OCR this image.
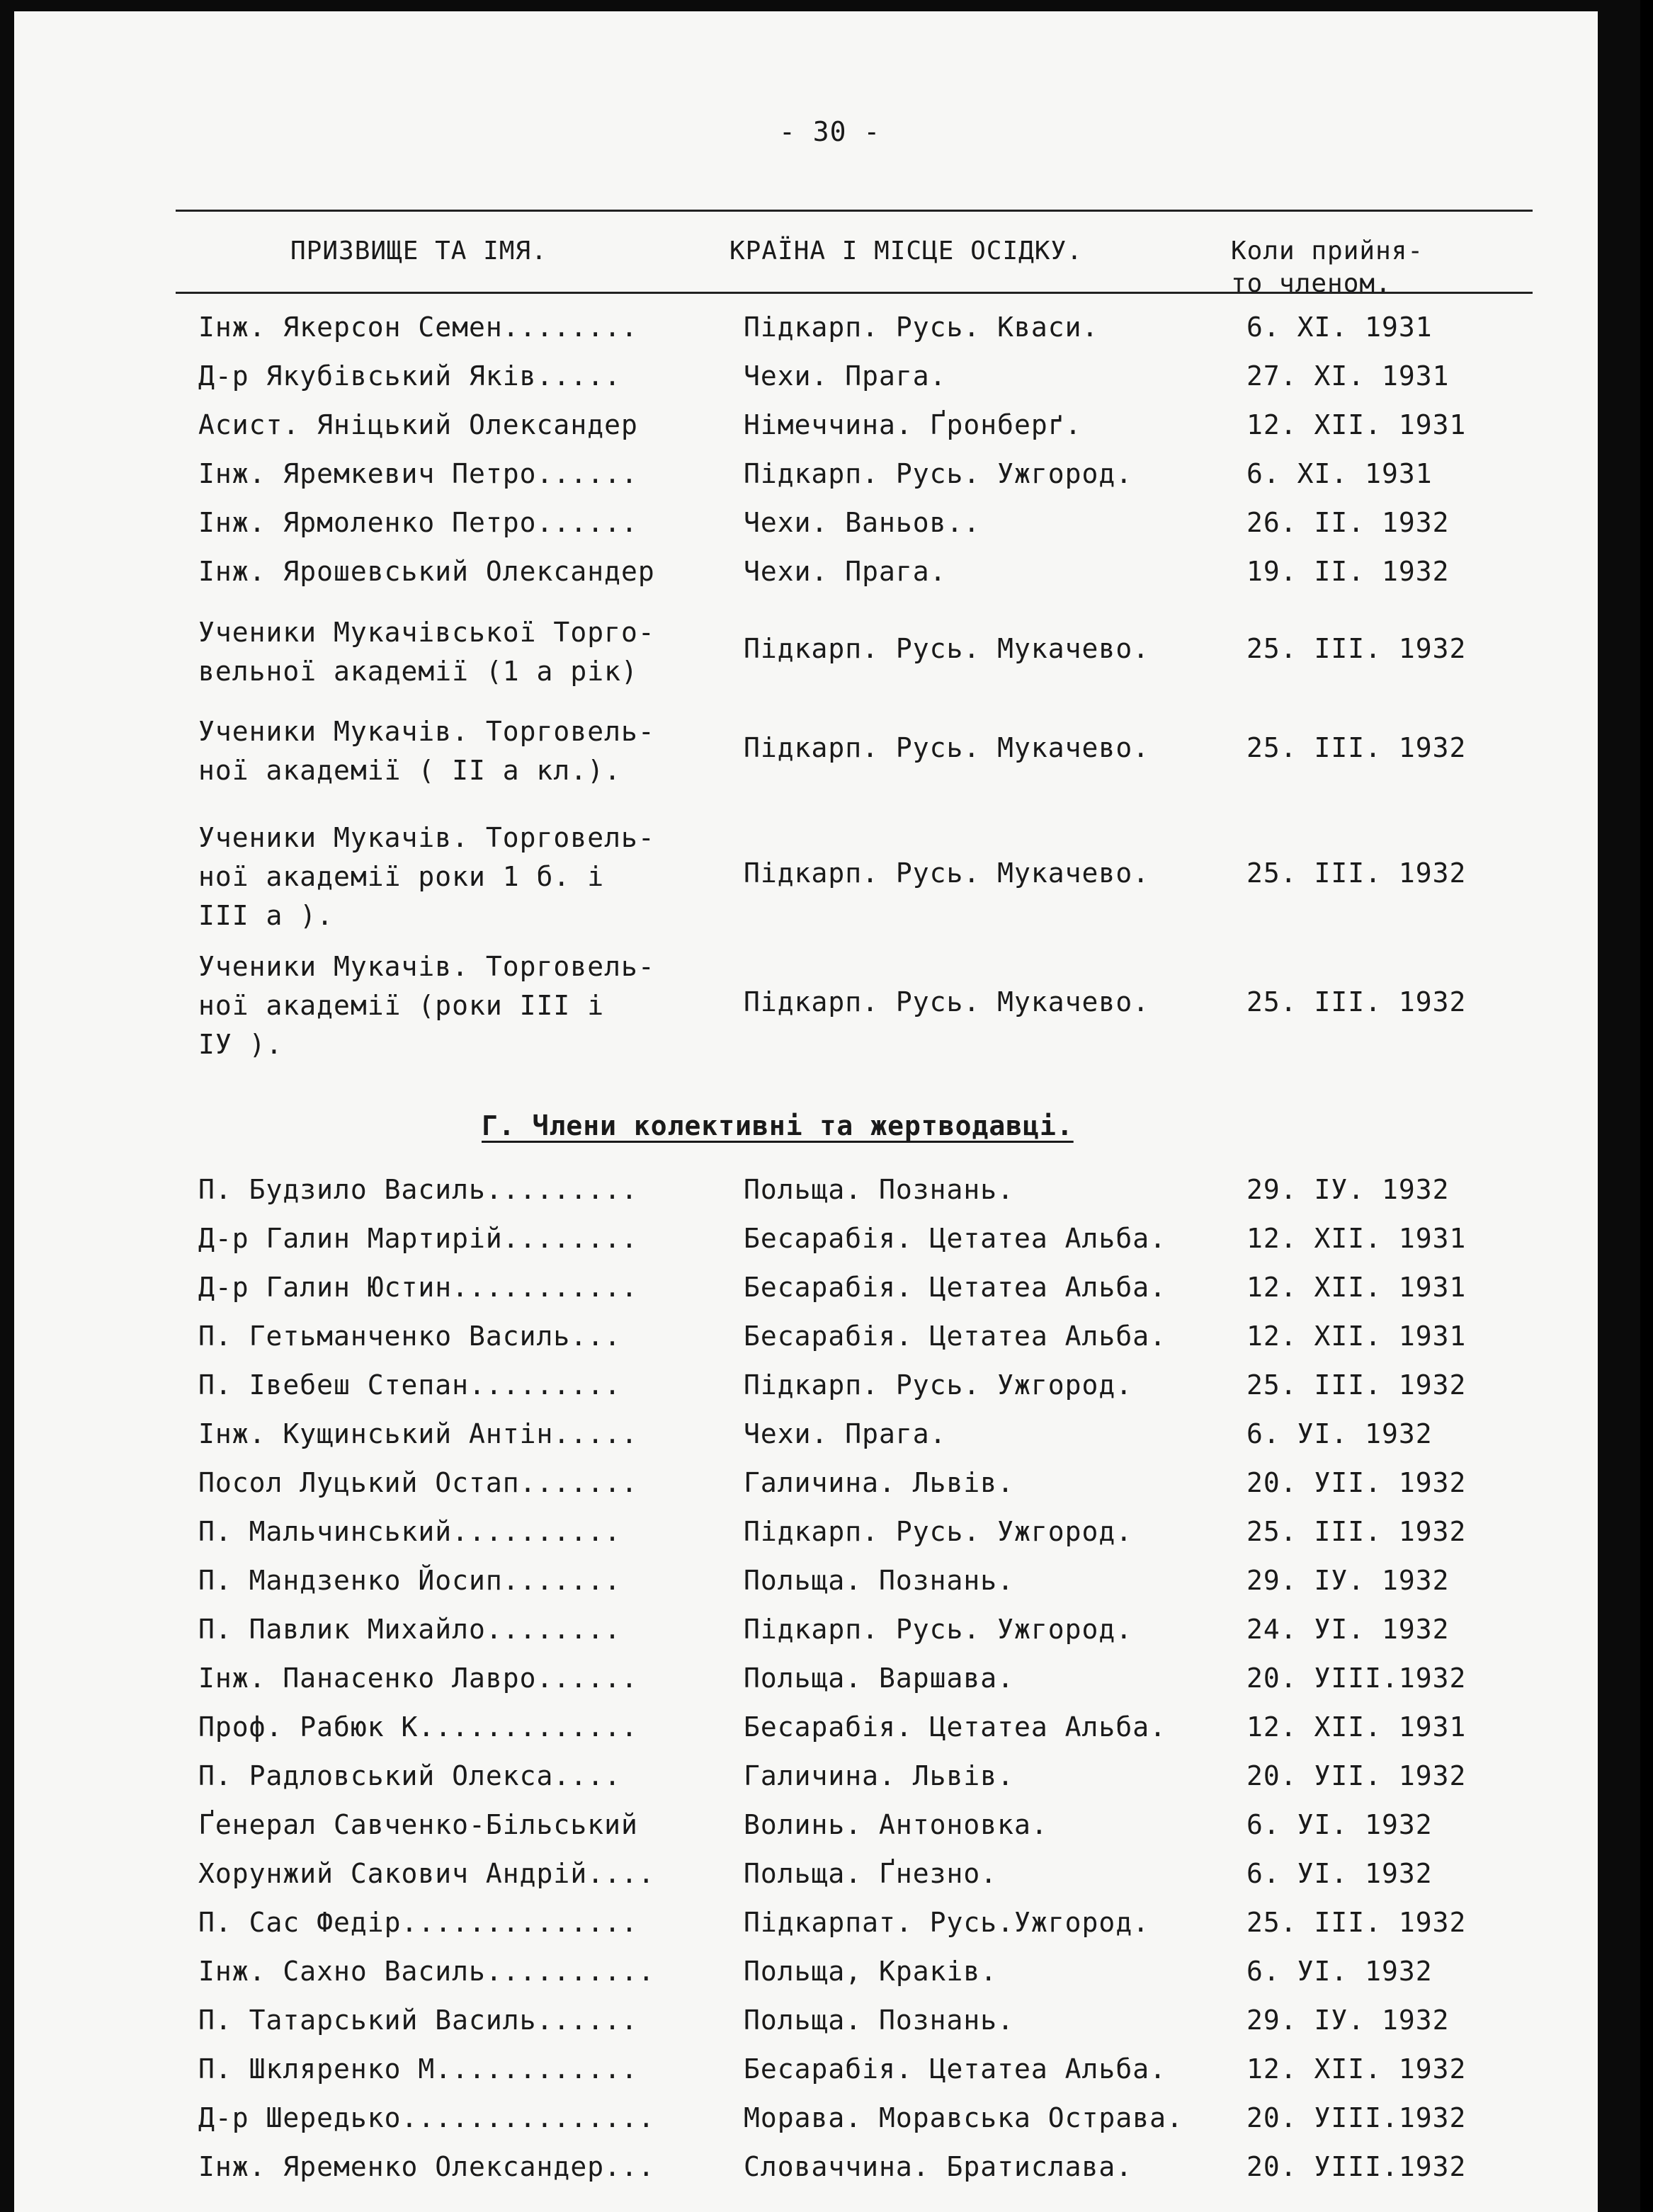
- 30 -
ПРИЗВИЩЕ ТА ІМЯ.	КРАЇНА І МІСЦЕ ОСІДКУ.	Коли прийня-
то членом.
Інж. Якерсон Семен........	Підкарп. Русь. Кваси.	6. XI. 1931
Д-р Якубівський Яків.....	Чехи. Прага.	27. XI. 1931
Асист. Яніцький Олександер	Німеччина. Ґронберґ.	12. XII. 1931
Інж. Яремкевич Петро......	Підкарп. Русь. Ужгород.	6. XI. 1931
Інж. Ярмоленко Петро......	Чехи. Ваньов..	26. II. 1932
Інж. Ярошевський Олександер	Чехи. Прага.	19. II. 1932
Ученики Мукачівської Торго-
вельної академії (1 а рік)
Підкарп. Русь. Мукачево.	25. III. 1932
Ученики Мукачів. Торговель-
ної академії ( II а кл.).
Підкарп. Русь. Мукачево.	25. III. 1932
Ученики Мукачів. Торговель-
ної академії роки 1 б. і
III а ).
Підкарп. Русь. Мукачево.	25. III. 1932
Ученики Мукачів. Торговель-
ної академії (роки III і
IУ ).
Підкарп. Русь. Мукачево.	25. III. 1932
Г. Члени колективні та жертводавці.
П. Будзило Василь.........	Польща. Познань.	29. IУ. 1932
Д-р Галин Мартирій........	Бесарабія. Цетатеа Альба.	12. XII. 1931
Д-р Галин Юстин...........	Бесарабія. Цетатеа Альба.	12. XII. 1931
П. Гетьманченко Василь...	Бесарабія. Цетатеа Альба.	12. XII. 1931
П. Івебеш Степан.........	Підкарп. Русь. Ужгород.	25. III. 1932
Інж. Кущинський Антін.....	Чехи. Прага.	6. УI. 1932
Посол Луцький Остап.......	Галичина. Львів.	20. УII. 1932
П. Мальчинський..........	Підкарп. Русь. Ужгород.	25. III. 1932
П. Мандзенко Йосип.......	Польща. Познань.	29. IУ. 1932
П. Павлик Михайло........	Підкарп. Русь. Ужгород.	24. УI. 1932
Інж. Панасенко Лавро......	Польща. Варшава.	20. УIII.1932
Проф. Рабюк К.............	Бесарабія. Цетатеа Альба.	12. XII. 1931
П. Радловський Олекса....	Галичина. Львів.	20. УII. 1932
Ґенерал Савченко-Більський	Волинь. Антоновка.	6. УI. 1932
Хорунжий Сакович Андрій....	Польща. Ґнезно.	6. УI. 1932
П. Сас Федір..............	Підкарпат. Русь.Ужгород.	25. III. 1932
Інж. Сахно Василь..........	Польща, Краків.	6. УI. 1932
П. Татарський Василь......	Польща. Познань.	29. IУ. 1932
П. Шкляренко М............	Бесарабія. Цетатеа Альба.	12. XII. 1932
Д-р Шередько...............	Морава. Моравська Острава. 20. УIII.1932
Інж. Яременко Олександер...	Словаччина. Братислава.	20. УIII.1932
